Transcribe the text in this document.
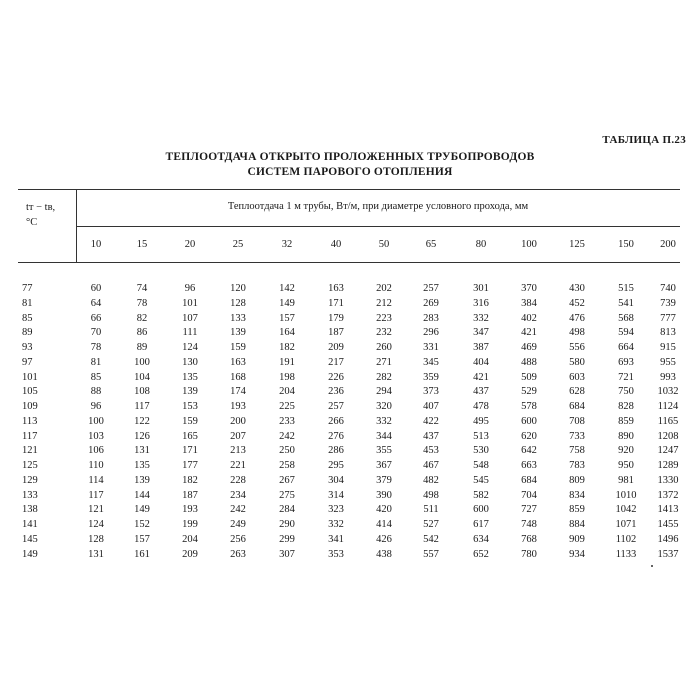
ТАБЛИЦА П.23
ТЕПЛООТДАЧА ОТКРЫТО ПРОЛОЖЕННЫХ ТРУБОПРОВОДОВ
СИСТЕМ ПАРОВОГО ОТОПЛЕНИЯ
tт − tв,
°C
Теплоотдача 1 м трубы, Вт/м, при диаметре условного прохода, мм
10	15	20	25	32	40	50	65	80	100	125	150	200
77	60	74	96	120	142	163	202	257	301	370	430	515	740
81	64	78	101	128	149	171	212	269	316	384	452	541	739
85	66	82	107	133	157	179	223	283	332	402	476	568	777
89	70	86	111	139	164	187	232	296	347	421	498	594	813
93	78	89	124	159	182	209	260	331	387	469	556	664	915
97	81	100	130	163	191	217	271	345	404	488	580	693	955
101	85	104	135	168	198	226	282	359	421	509	603	721	993
105	88	108	139	174	204	236	294	373	437	529	628	750	1032
109	96	117	153	193	225	257	320	407	478	578	684	828	1124
113	100	122	159	200	233	266	332	422	495	600	708	859	1165
117	103	126	165	207	242	276	344	437	513	620	733	890	1208
121	106	131	171	213	250	286	355	453	530	642	758	920	1247
125	110	135	177	221	258	295	367	467	548	663	783	950	1289
129	114	139	182	228	267	304	379	482	545	684	809	981	1330
133	117	144	187	234	275	314	390	498	582	704	834	1010	1372
138	121	149	193	242	284	323	420	511	600	727	859	1042	1413
141	124	152	199	249	290	332	414	527	617	748	884	1071	1455
145	128	157	204	256	299	341	426	542	634	768	909	1102	1496
149	131	161	209	263	307	353	438	557	652	780	934	1133	1537
